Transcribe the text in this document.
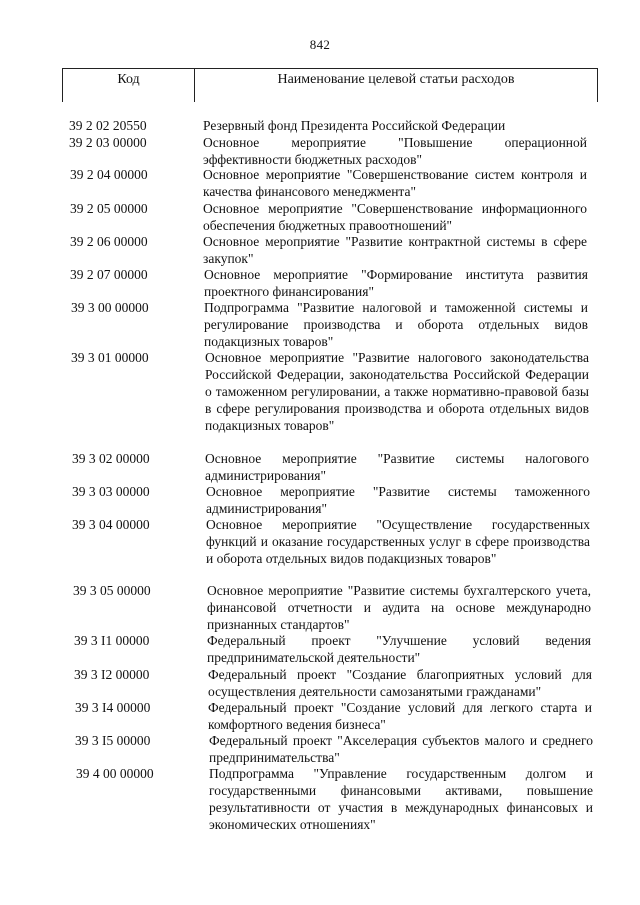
842
Код	Наименование целевой статьи расходов
39 2 02 20550	Резервный фонд Президента Российской Федерации
39 2 03 00000	Основное мероприятие "Повышение операционной эффективности бюджетных расходов"
39 2 04 00000	Основное мероприятие "Совершенствование систем контроля и качества финансового менеджмента"
39 2 05 00000	Основное мероприятие "Совершенствование информационного обеспечения бюджетных правоотношений"
39 2 06 00000	Основное мероприятие "Развитие контрактной системы в сфере закупок"
39 2 07 00000	Основное мероприятие "Формирование института развития проектного финансирования"
39 3 00 00000	Подпрограмма "Развитие налоговой и таможенной системы и регулирование производства и оборота отдельных видов подакцизных товаров"
39 3 01 00000	Основное мероприятие "Развитие налогового законодательства Российской Федерации, законодательства Российской Федерации о таможенном регулировании, а также нормативно-правовой базы в сфере регулирования производства и оборота отдельных видов подакцизных товаров"
39 3 02 00000	Основное мероприятие "Развитие системы налогового администрирования"
39 3 03 00000	Основное мероприятие "Развитие системы таможенного администрирования"
39 3 04 00000	Основное мероприятие "Осуществление государственных функций и оказание государственных услуг в сфере производства и оборота отдельных видов подакцизных товаров"
39 3 05 00000	Основное мероприятие "Развитие системы бухгалтерского учета, финансовой отчетности и аудита на основе международно признанных стандартов"
39 3 I1 00000	Федеральный проект "Улучшение условий ведения предпринимательской деятельности"
39 3 I2 00000	Федеральный проект "Создание благоприятных условий для осуществления деятельности самозанятыми гражданами"
39 3 I4 00000	Федеральный проект "Создание условий для легкого старта и комфортного ведения бизнеса"
39 3 I5 00000	Федеральный проект "Акселерация субъектов малого и среднего предпринимательства"
39 4 00 00000	Подпрограмма "Управление государственным долгом и государственными финансовыми активами, повышение результативности от участия в международных финансовых и экономических отношениях"
